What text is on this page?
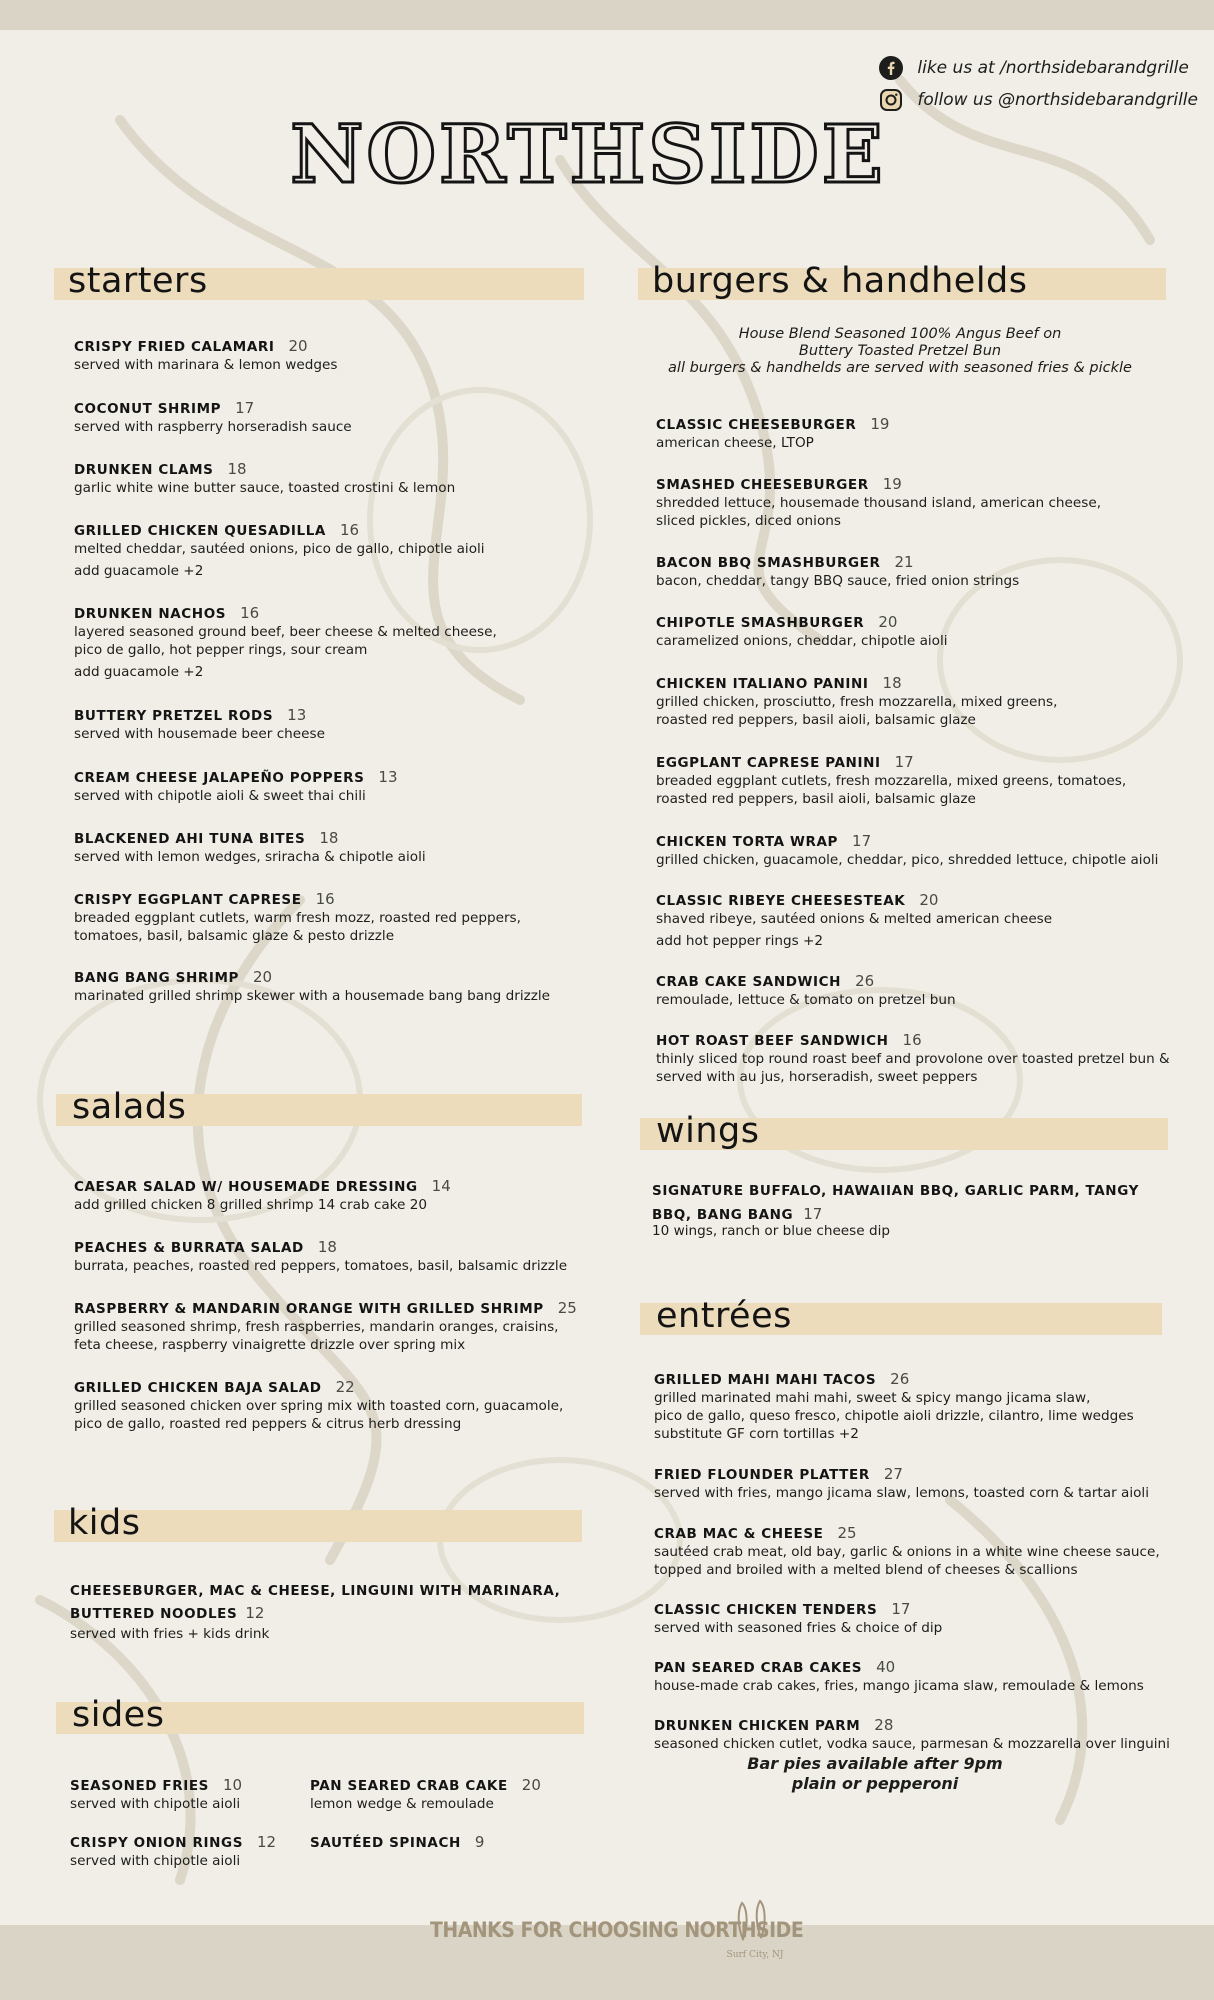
like us at /northsidebarandgrille
follow us @northsidebarandgrille
NORTHSIDE
starters
CRISPY FRIED CALAMARI 20
served with marinara & lemon wedges
COCONUT SHRIMP 17
served with raspberry horseradish sauce
DRUNKEN CLAMS 18
garlic white wine butter sauce, toasted crostini & lemon
GRILLED CHICKEN QUESADILLA 16
melted cheddar, sautéed onions, pico de gallo, chipotle aioli
add guacamole +2
DRUNKEN NACHOS 16
layered seasoned ground beef, beer cheese & melted cheese,
pico de gallo, hot pepper rings, sour cream
add guacamole +2
BUTTERY PRETZEL RODS 13
served with housemade beer cheese
CREAM CHEESE JALAPEÑO POPPERS 13
served with chipotle aioli & sweet thai chili
BLACKENED AHI TUNA BITES 18
served with lemon wedges, sriracha & chipotle aioli
CRISPY EGGPLANT CAPRESE 16
breaded eggplant cutlets, warm fresh mozz, roasted red peppers,
tomatoes, basil, balsamic glaze & pesto drizzle
BANG BANG SHRIMP 20
marinated grilled shrimp skewer with a housemade bang bang drizzle
salads
CAESAR SALAD W/ HOUSEMADE DRESSING 14
add grilled chicken 8 grilled shrimp 14 crab cake 20
PEACHES & BURRATA SALAD 18
burrata, peaches, roasted red peppers, tomatoes, basil, balsamic drizzle
RASPBERRY & MANDARIN ORANGE WITH GRILLED SHRIMP 25
grilled seasoned shrimp, fresh raspberries, mandarin oranges, craisins,
feta cheese, raspberry vinaigrette drizzle over spring mix
GRILLED CHICKEN BAJA SALAD 22
grilled seasoned chicken over spring mix with toasted corn, guacamole,
pico de gallo, roasted red peppers & citrus herb dressing
kids
CHEESEBURGER, MAC & CHEESE, LINGUINI WITH MARINARA,
BUTTERED NOODLES 12
served with fries + kids drink
sides
SEASONED FRIES 10
served with chipotle aioli
PAN SEARED CRAB CAKE 20
lemon wedge & remoulade
CRISPY ONION RINGS 12
served with chipotle aioli
SAUTÉED SPINACH 9
burgers & handhelds
House Blend Seasoned 100% Angus Beef on
Buttery Toasted Pretzel Bun
all burgers & handhelds are served with seasoned fries & pickle
CLASSIC CHEESEBURGER 19
american cheese, LTOP
SMASHED CHEESEBURGER 19
shredded lettuce, housemade thousand island, american cheese,
sliced pickles, diced onions
BACON BBQ SMASHBURGER 21
bacon, cheddar, tangy BBQ sauce, fried onion strings
CHIPOTLE SMASHBURGER 20
caramelized onions, cheddar, chipotle aioli
CHICKEN ITALIANO PANINI 18
grilled chicken, prosciutto, fresh mozzarella, mixed greens,
roasted red peppers, basil aioli, balsamic glaze
EGGPLANT CAPRESE PANINI 17
breaded eggplant cutlets, fresh mozzarella, mixed greens, tomatoes,
roasted red peppers, basil aioli, balsamic glaze
CHICKEN TORTA WRAP 17
grilled chicken, guacamole, cheddar, pico, shredded lettuce, chipotle aioli
CLASSIC RIBEYE CHEESESTEAK 20
shaved ribeye, sautéed onions & melted american cheese
add hot pepper rings +2
CRAB CAKE SANDWICH 26
remoulade, lettuce & tomato on pretzel bun
HOT ROAST BEEF SANDWICH 16
thinly sliced top round roast beef and provolone over toasted pretzel bun &
served with au jus, horseradish, sweet peppers
wings
SIGNATURE BUFFALO, HAWAIIAN BBQ, GARLIC PARM, TANGY
BBQ, BANG BANG 17
10 wings, ranch or blue cheese dip
entrées
GRILLED MAHI MAHI TACOS 26
grilled marinated mahi mahi, sweet & spicy mango jicama slaw,
pico de gallo, queso fresco, chipotle aioli drizzle, cilantro, lime wedges
substitute GF corn tortillas +2
FRIED FLOUNDER PLATTER 27
served with fries, mango jicama slaw, lemons, toasted corn & tartar aioli
CRAB MAC & CHEESE 25
sautéed crab meat, old bay, garlic & onions in a white wine cheese sauce,
topped and broiled with a melted blend of cheeses & scallions
CLASSIC CHICKEN TENDERS 17
served with seasoned fries & choice of dip
PAN SEARED CRAB CAKES 40
house-made crab cakes, fries, mango jicama slaw, remoulade & lemons
DRUNKEN CHICKEN PARM 28
seasoned chicken cutlet, vodka sauce, parmesan & mozzarella over linguini
Bar pies available after 9pm
plain or pepperoni
THANKS FOR CHOOSING NORTHSIDE
Surf City, NJ
